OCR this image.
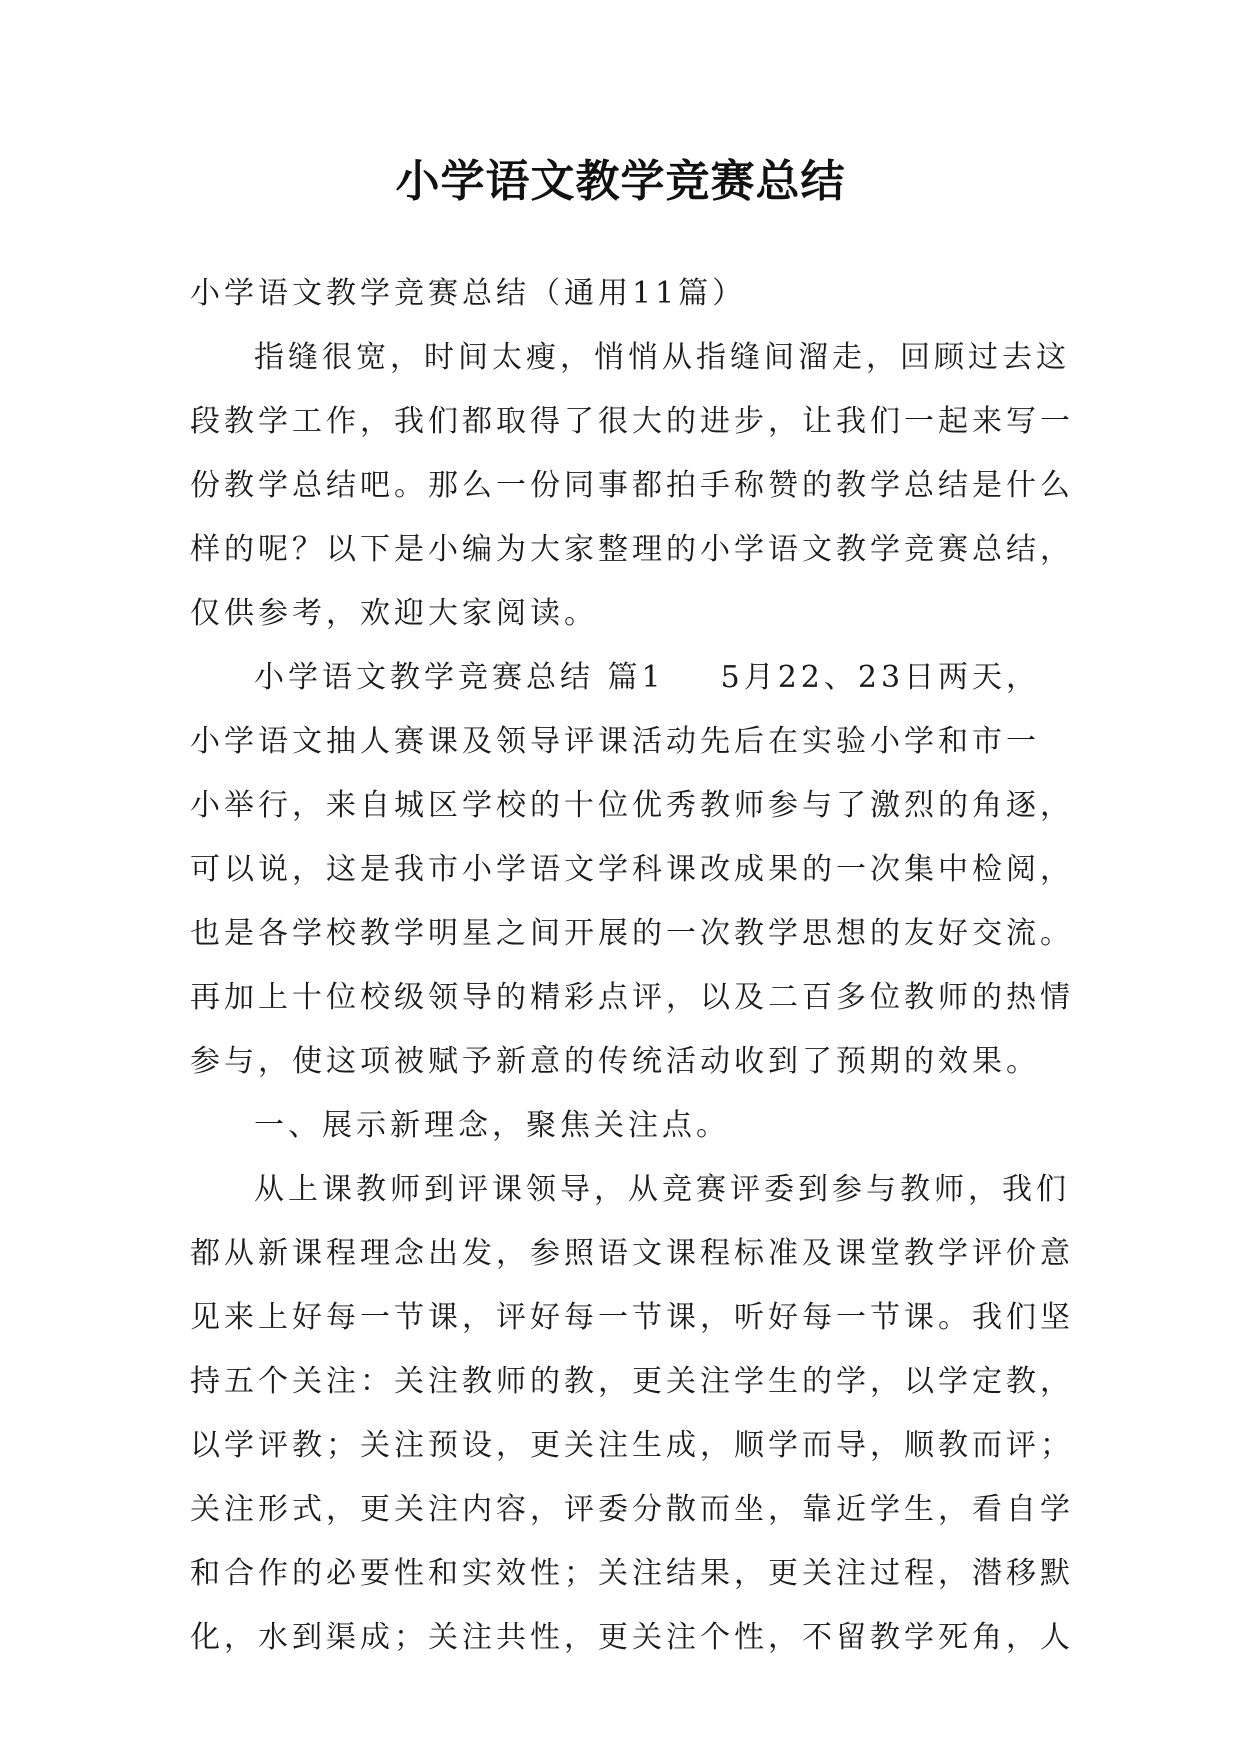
小学语文教学竞赛总结
小学语文教学竞赛总结（通用11篇）
指缝很宽，时间太瘦，悄悄从指缝间溜走，回顾过去这
段教学工作，我们都取得了很大的进步，让我们一起来写一
份教学总结吧。那么一份同事都拍手称赞的教学总结是什么
样的呢？以下是小编为大家整理的小学语文教学竞赛总结，
仅供参考，欢迎大家阅读。
小学语文教学竞赛总结 篇1 5月22、23日两天，
小学语文抽人赛课及领导评课活动先后在实验小学和市一
小举行，来自城区学校的十位优秀教师参与了激烈的角逐，
可以说，这是我市小学语文学科课改成果的一次集中检阅，
也是各学校教学明星之间开展的一次教学思想的友好交流。
再加上十位校级领导的精彩点评，以及二百多位教师的热情
参与，使这项被赋予新意的传统活动收到了预期的效果。
一、展示新理念，聚焦关注点。
从上课教师到评课领导，从竞赛评委到参与教师，我们
都从新课程理念出发，参照语文课程标准及课堂教学评价意
见来上好每一节课，评好每一节课，听好每一节课。我们坚
持五个关注：关注教师的教，更关注学生的学，以学定教，
以学评教；关注预设，更关注生成，顺学而导，顺教而评；
关注形式，更关注内容，评委分散而坐，靠近学生，看自学
和合作的必要性和实效性；关注结果，更关注过程，潜移默
化，水到渠成；关注共性，更关注个性，不留教学死角，人
